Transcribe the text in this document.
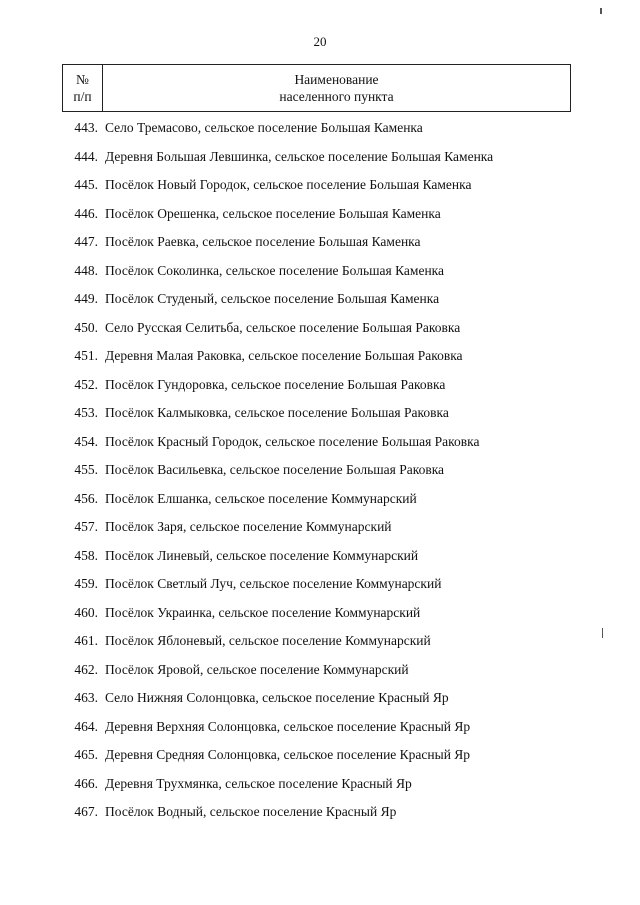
20
№
п/п
Наименование
населенного пункта
443. Село Тремасово, сельское поселение Большая Каменка
444. Деревня Большая Левшинка, сельское поселение Большая Каменка
445. Посёлок Новый Городок, сельское поселение Большая Каменка
446. Посёлок Орешенка, сельское поселение Большая Каменка
447. Посёлок Раевка, сельское поселение Большая Каменка
448. Посёлок Соколинка, сельское поселение Большая Каменка
449. Посёлок Студеный, сельское поселение Большая Каменка
450. Село Русская Селитьба, сельское поселение Большая Раковка
451. Деревня Малая Раковка, сельское поселение Большая Раковка
452. Посёлок Гундоровка, сельское поселение Большая Раковка
453. Посёлок Калмыковка, сельское поселение Большая Раковка
454. Посёлок Красный Городок, сельское поселение Большая Раковка
455. Посёлок Васильевка, сельское поселение Большая Раковка
456. Посёлок Елшанка, сельское поселение Коммунарский
457. Посёлок Заря, сельское поселение Коммунарский
458. Посёлок Линевый, сельское поселение Коммунарский
459. Посёлок Светлый Луч, сельское поселение Коммунарский
460. Посёлок Украинка, сельское поселение Коммунарский
461. Посёлок Яблоневый, сельское поселение Коммунарский
462. Посёлок Яровой, сельское поселение Коммунарский
463. Село Нижняя Солонцовка, сельское поселение Красный Яр
464. Деревня Верхняя Солонцовка, сельское поселение Красный Яр
465. Деревня Средняя Солонцовка, сельское поселение Красный Яр
466. Деревня Трухмянка, сельское поселение Красный Яр
467. Посёлок Водный, сельское поселение Красный Яр
